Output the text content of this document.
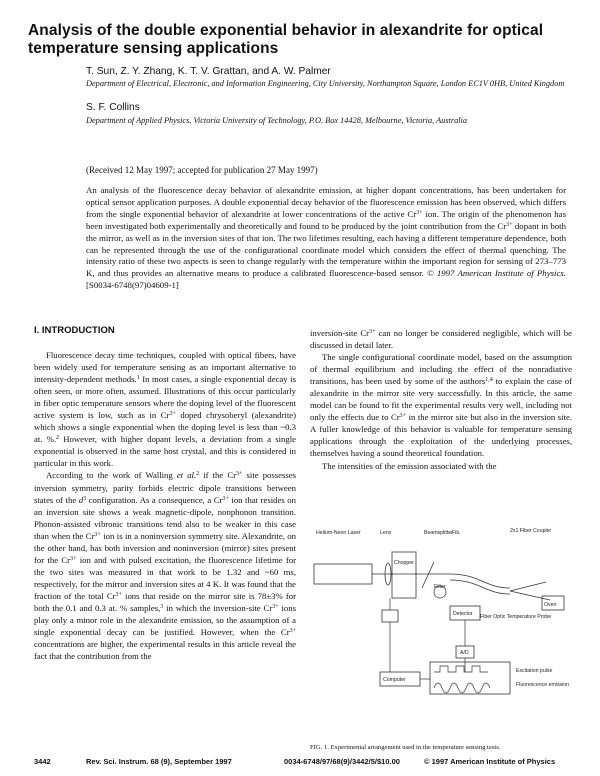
Analysis of the double exponential behavior in alexandrite for optical temperature sensing applications
T. Sun, Z. Y. Zhang, K. T. V. Grattan, and A. W. Palmer
Department of Electrical, Electronic, and Information Engineering, City University, Northampton Square, London EC1V 0HB, United Kingdom
S. F. Collins
Department of Applied Physics, Victoria University of Technology, P.O. Box 14428, Melbourne, Victoria, Australia
(Received 12 May 1997; accepted for publication 27 May 1997)
An analysis of the fluorescence decay behavior of alexandrite emission, at higher dopant concentrations, has been undertaken for optical sensor application purposes. A double exponential decay behavior of the fluorescence emission has been observed, which differs from the single exponential behavior of alexandrite at lower concentrations of the active $Cr^{3+}$ ion. The origin of the phenomenon has been investigated both experimentally and theoretically and found to be produced by the joint contribution from the $Cr^{3+}$ dopant in both the mirror, as well as in the inversion sites of that ion. The two lifetimes resulting, each having a different temperature dependence, both can be represented through the use of the configurational coordinate model which considers the effect of thermal quenching. The intensity ratio of these two aspects is seen to change regularly with the temperature within the important region for sensing of 273–773 K, and thus provides an alternative means to produce a calibrated fluorescence-based sensor. © 1997 American Institute of Physics. [S0034-6748(97)04609-1]
I. INTRODUCTION

Fluorescence decay time techniques, coupled with optical fibers, have been widely used for temperature sensing as an important alternative to intensity-dependent methods.$^1$ In most cases, a single exponential decay is often seen, or more often, assumed. Illustrations of this occur particularly in fiber optic temperature sensors where the doping level of the fluorescent active system is low, such as in $Cr^{3+}$ doped chrysoberyl (alexandrite) which shows a single exponential when the doping level is less than ~0.3 at. %.$^2$ However, with higher dopant levels, a deviation from a single exponential is observed in the same host crystal, and this is considered in particular in this work.

According to the work of Walling et al.$^2$ if the $Cr^{3+}$ site possesses inversion symmetry, parity forbids electric dipole transitions between states of the $d^3$ configuration. As a consequence, a $Cr^{3+}$ ion that resides on an inversion site shows a weak magnetic-dipole, nonphonon transition. Phonon-assisted vibronic transitions tend also to be weaker in this case than when the $Cr^{3+}$ ion is in a noninversion symmetry site. Alexandrite, on the other hand, has both inversion and noninversion (mirror) sites present for the $Cr^{3+}$ ion and with pulsed excitation, the fluorescence lifetime for the two sites was measured in that work to be 1.32 and ~60 ms, respectively, for the mirror and inversion sites at 4 K. It was found that the fraction of the total $Cr^{3+}$ ions that reside on the mirror site is 78±3% for both the 0.1 and 0.3 at. % samples,$^3$ in which the inversion-site $Cr^{3+}$ ions play only a minor role in the alexandrite emission, so the assumption of a single exponential decay can be justified. However, when the $Cr^{3+}$ concentrations are higher, the experimental results in this article reveal the fact that the contribution from the

inversion-site $Cr^{3+}$ can no longer be considered negligible, which will be discussed in detail later.

The single configurational coordinate model, based on the assumption of thermal equilibrium and including the effect of the nonradiative transitions, has been used by some of the authors$^{1,4}$ to explain the case of alexandrite in the mirror site very successfully. In this article, the same model can be found to fit the experimental results very well, including not only the effects due to $Cr^{3+}$ in the mirror site but also in the inversion site. A fuller knowledge of this behavior is valuable for temperature sensing applications through the exploitation of the underlying processes, themselves having a sound theoretical foundation.

The intensities of the emission associated with the

Helium-Neon Laser	Lens
Chopper
Beamsplitter Fib.
Filter
2x1 Fiber Coupler
Oven
Fiber Optic Temperature Probe
Detector
A/D
Computer
Excitation pulse
Fluorescence emission
FIG. 1. Experimental arrangement used in the temperature sensing tests.
3442	Rev. Sci. Instrum. 68 (9), September 1997	0034-6748/97/68(9)/3442/5/$10.00	© 1997 American Institute of Physics
